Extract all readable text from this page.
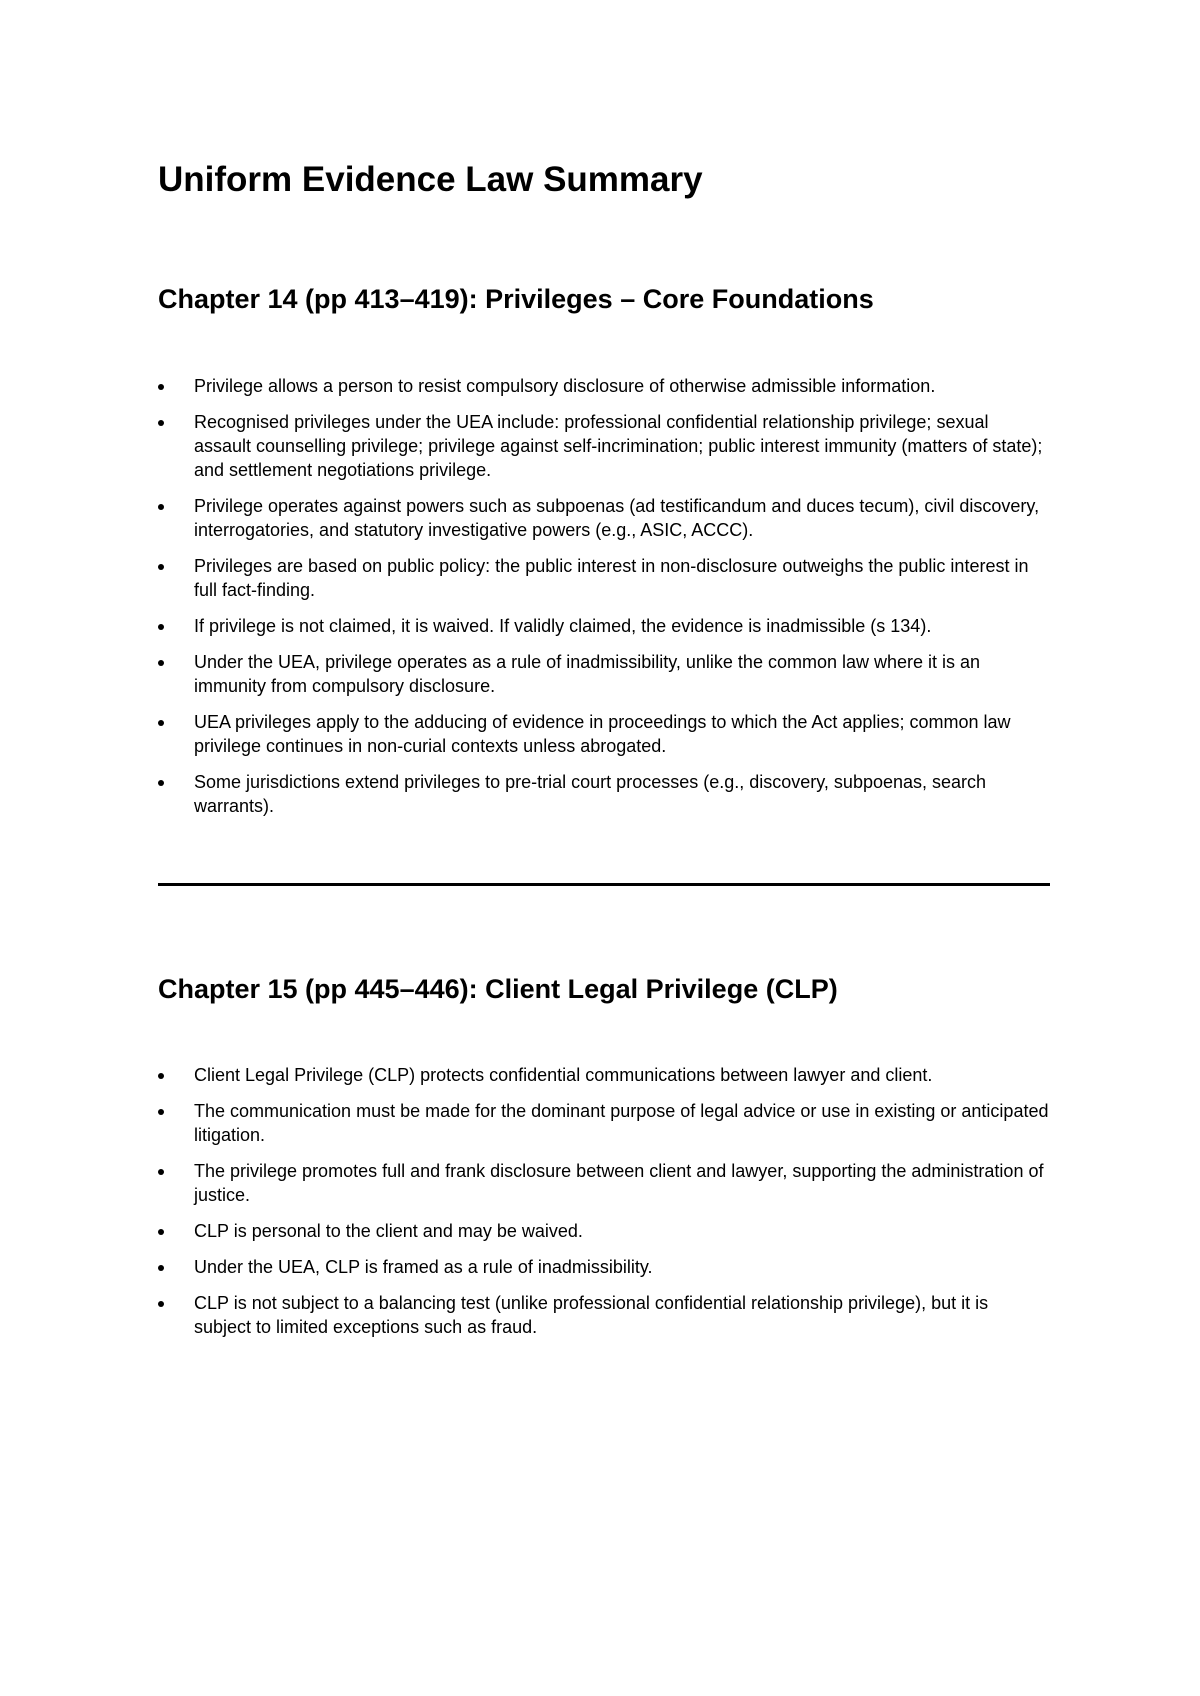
Uniform Evidence Law Summary
Chapter 14 (pp 413–419): Privileges – Core Foundations
Privilege allows a person to resist compulsory disclosure of otherwise admissible information.
Recognised privileges under the UEA include: professional confidential relationship privilege; sexual assault counselling privilege; privilege against self-incrimination; public interest immunity (matters of state); and settlement negotiations privilege.
Privilege operates against powers such as subpoenas (ad testificandum and duces tecum), civil discovery, interrogatories, and statutory investigative powers (e.g., ASIC, ACCC).
Privileges are based on public policy: the public interest in non-disclosure outweighs the public interest in full fact-finding.
If privilege is not claimed, it is waived. If validly claimed, the evidence is inadmissible (s 134).
Under the UEA, privilege operates as a rule of inadmissibility, unlike the common law where it is an immunity from compulsory disclosure.
UEA privileges apply to the adducing of evidence in proceedings to which the Act applies; common law privilege continues in non-curial contexts unless abrogated.
Some jurisdictions extend privileges to pre-trial court processes (e.g., discovery, subpoenas, search warrants).
Chapter 15 (pp 445–446): Client Legal Privilege (CLP)
Client Legal Privilege (CLP) protects confidential communications between lawyer and client.
The communication must be made for the dominant purpose of legal advice or use in existing or anticipated litigation.
The privilege promotes full and frank disclosure between client and lawyer, supporting the administration of justice.
CLP is personal to the client and may be waived.
Under the UEA, CLP is framed as a rule of inadmissibility.
CLP is not subject to a balancing test (unlike professional confidential relationship privilege), but it is subject to limited exceptions such as fraud.
